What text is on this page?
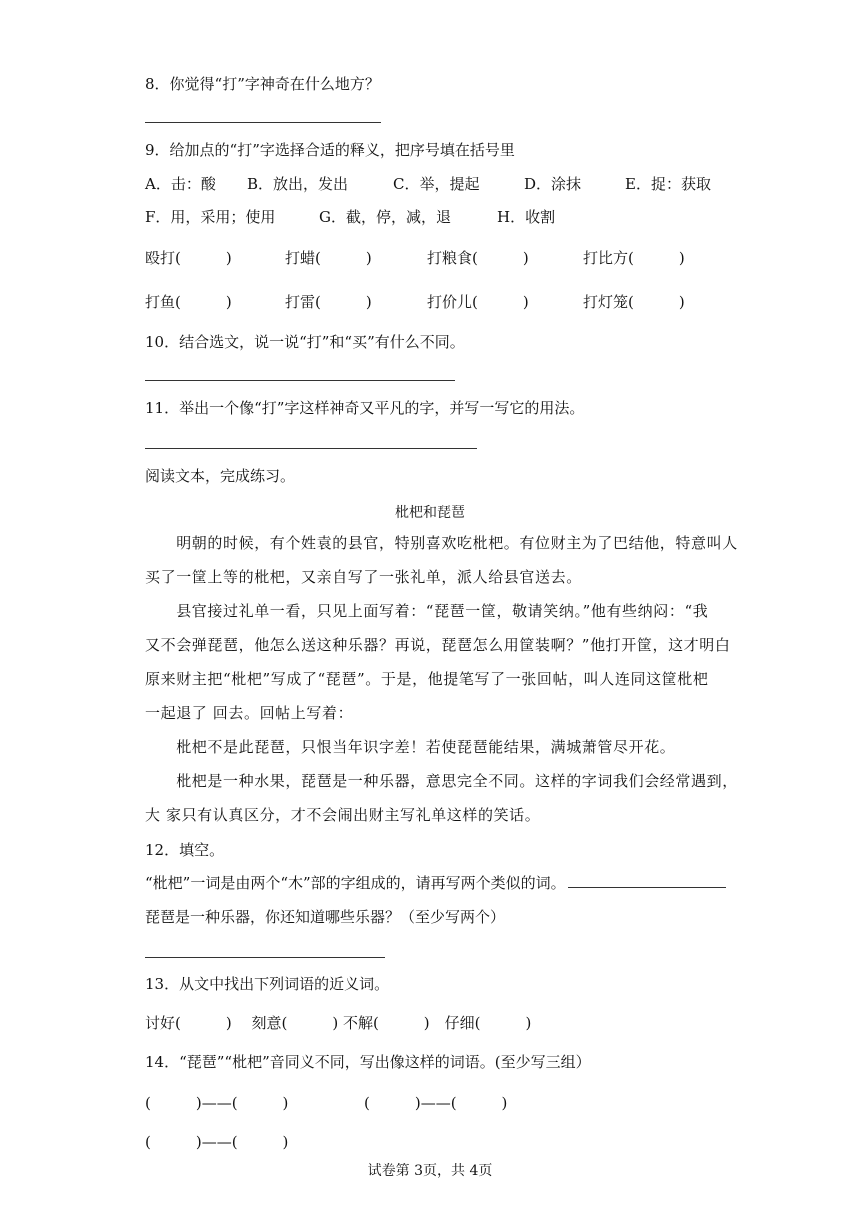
8．你觉得“打”字神奇在什么地方？
9．给加点的“打”字选择合适的释义，把序号填在括号里
A．击：酸 B．放出，发出	C．举，提起	D．涂抹	E．捉：获取
F．用，采用；使用	G．截，停，减，退	H．收割
殴打(　　　)	打蜡(　　　)	打粮食(　　　)	打比方(　　　)
打鱼(　　　)	打雷(　　　)	打价儿(　　　)	打灯笼(　　　)
10．结合选文，说一说“打”和“买”有什么不同。
11．举出一个像“打”字这样神奇又平凡的字，并写一写它的用法。
阅读文本，完成练习。
枇杷和琵琶
　　明朝的时候，有个姓袁的县官，特别喜欢吃枇杷。有位财主为了巴结他，特意叫人
买了一筐上等的枇杷，又亲自写了一张礼单，派人给县官送去。
　　县官接过礼单一看，只见上面写着：“琵琶一筐，敬请笑纳。”他有些纳闷：“我
又不会弹琵琶，他怎么送这种乐器？再说，琵琶怎么用筐装啊？”他打开筐，这才明白
原来财主把“枇杷”写成了“琵琶”。于是，他提笔写了一张回帖，叫人连同这筐枇杷
一起退了 回去。回帖上写着：
　　枇杷不是此琵琶，只恨当年识字差！若使琵琶能结果，满城萧管尽开花。
　　枇杷是一种水果，琵琶是一种乐器，意思完全不同。这样的字词我们会经常遇到，
大 家只有认真区分，才不会闹出财主写礼单这样的笑话。
12．填空。
“枇杷”一词是由两个“木”部的字组成的，请再写两个类似的词。
琵琶是一种乐器，你还知道哪些乐器？（至少写两个）
13．从文中找出下列词语的近义词。
讨好(　　　)　 刻意(　　　) 不解(　　　)　仔细(　　　)
14．“琵琶”“枇杷”音同义不同，写出像这样的词语。(至少写三组）
(　　　)——(　　　)	(　　　)——(　　　)
(　　　)——(　　　)
试卷第 3页，共 4页
